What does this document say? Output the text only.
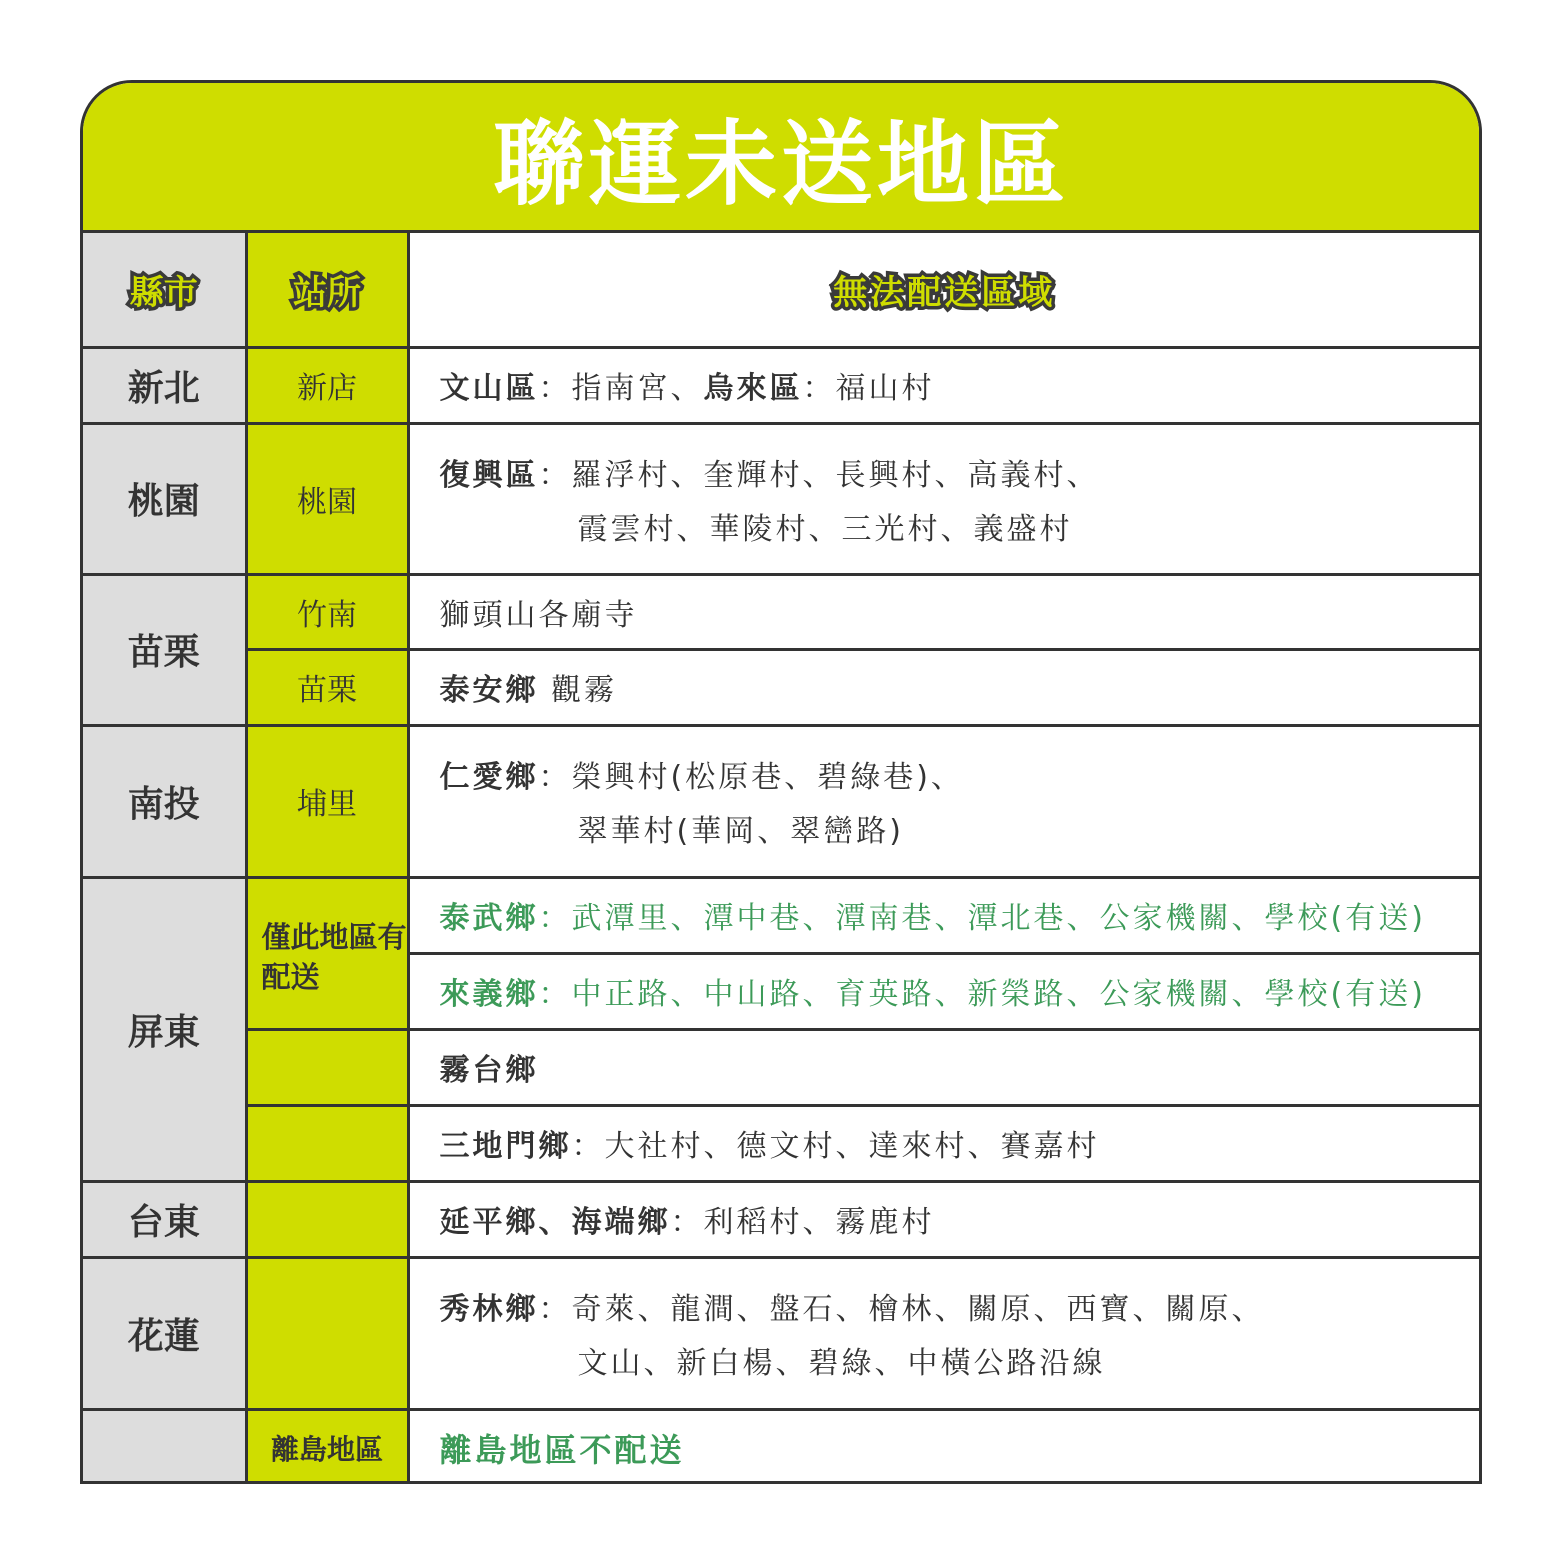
聯運未送地區
縣市	站所	無法配送區域
新北	新店	文山區：指南宮、烏來區：福山村
桃園	桃園	復興區：羅浮村、奎輝村、長興村、高義村、
霞雲村、華陵村、三光村、義盛村

苗栗	竹南	獅頭山各廟寺
	苗栗	泰安鄉 觀霧
南投	埔里	仁愛鄉：榮興村(松原巷、碧綠巷)、
翠華村(華岡、翠巒路)

屏東	僅此地區有配送	泰武鄉：武潭里、潭中巷、潭南巷、潭北巷、公家機關、學校(有送)
		來義鄉：中正路、中山路、育英路、新榮路、公家機關、學校(有送)
		霧台鄉
		三地門鄉：大社村、德文村、達來村、賽嘉村
台東		延平鄉、海端鄉：利稻村、霧鹿村
花蓮		秀林鄉：奇萊、龍澗、盤石、檜林、關原、西寶、關原、
文山、新白楊、碧綠、中橫公路沿線

	離島地區	離島地區不配送
